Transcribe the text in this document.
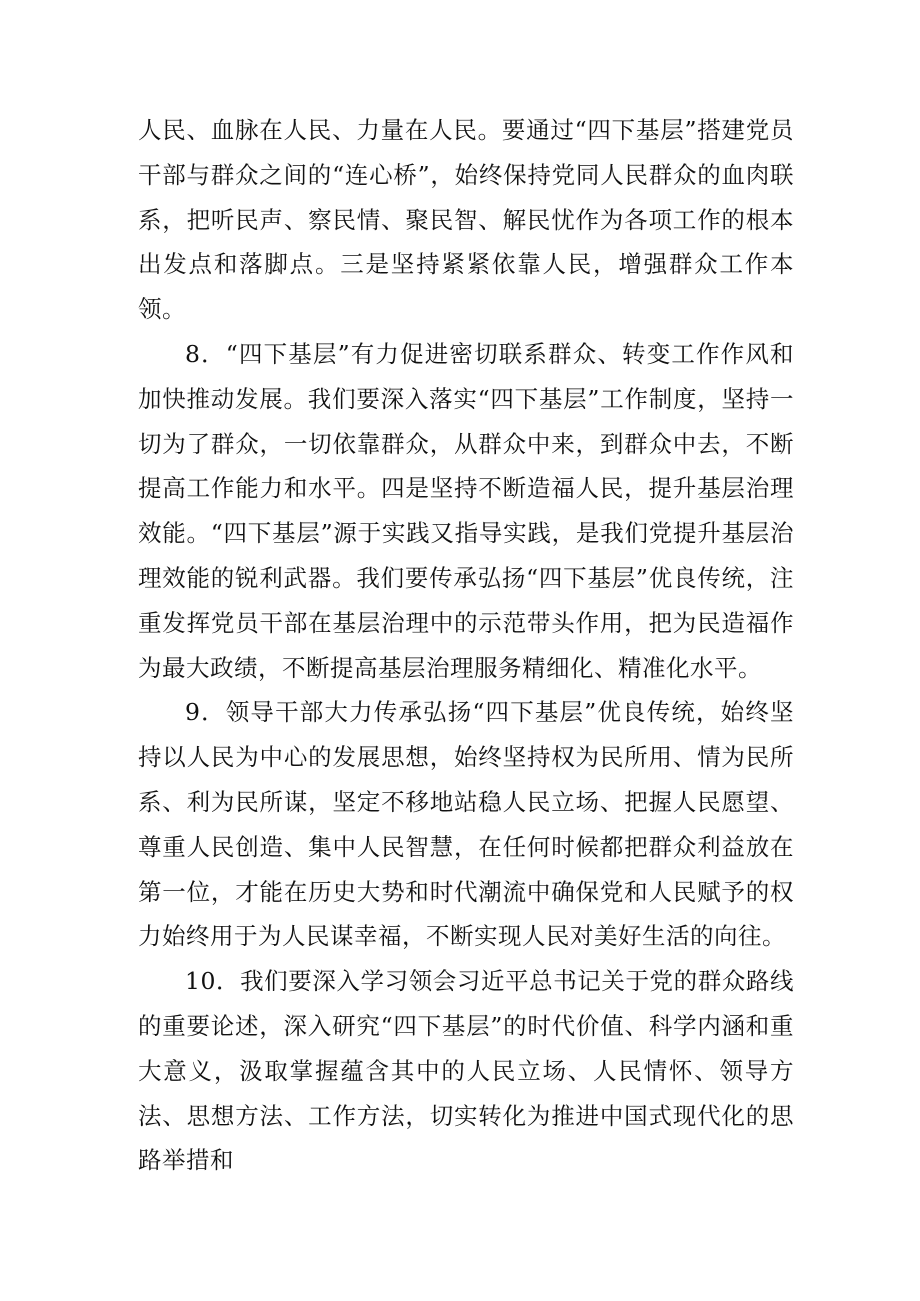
人民、血脉在人民、力量在人民。要通过“四下基层”搭建党员干部与群众之间的“连心桥”，始终保持党同人民群众的血肉联系，把听民声、察民情、聚民智、解民忧作为各项工作的根本出发点和落脚点。三是坚持紧紧依靠人民，增强群众工作本领。

8．“四下基层”有力促进密切联系群众、转变工作作风和加快推动发展。我们要深入落实“四下基层”工作制度，坚持一切为了群众，一切依靠群众，从群众中来，到群众中去，不断提高工作能力和水平。四是坚持不断造福人民，提升基层治理效能。“四下基层”源于实践又指导实践，是我们党提升基层治理效能的锐利武器。我们要传承弘扬“四下基层”优良传统，注重发挥党员干部在基层治理中的示范带头作用，把为民造福作为最大政绩，不断提高基层治理服务精细化、精准化水平。

9．领导干部大力传承弘扬“四下基层”优良传统，始终坚持以人民为中心的发展思想，始终坚持权为民所用、情为民所系、利为民所谋，坚定不移地站稳人民立场、把握人民愿望、尊重人民创造、集中人民智慧，在任何时候都把群众利益放在第一位，才能在历史大势和时代潮流中确保党和人民赋予的权力始终用于为人民谋幸福，不断实现人民对美好生活的向往。

10．我们要深入学习领会习近平总书记关于党的群众路线的重要论述，深入研究“四下基层”的时代价值、科学内涵和重大意义，汲取掌握蕴含其中的人民立场、人民情怀、领导方法、思想方法、工作方法，切实转化为推进中国式现代化的思路举措和
